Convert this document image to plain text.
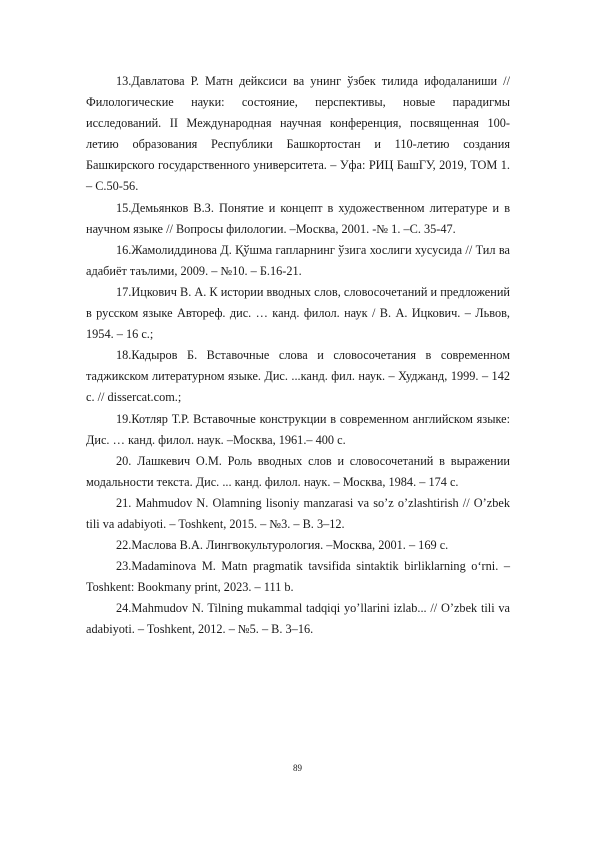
13.Давлатова Р. Матн дейксиси ва унинг ўзбек тилида ифодаланиши // Филологические науки: состояние, перспективы, новые парадигмы исследований. II Международная научная конференция, посвященная 100-летию образования Республики Башкортостан и 110-летию создания Башкирского государственного университета. – Уфа: РИЦ БашГУ, 2019, ТОМ 1. – С.50-56.

15.Демьянков В.З. Понятие и концепт в художественном литературе и в научном языке // Вопросы филологии. –Москва, 2001. -№ 1. –С. 35-47.

16.Жамолиддинова Д. Қўшма гапларнинг ўзига хослиги хусусида // Тил ва адабиёт таълими, 2009. – №10. – Б.16-21.

17.Ицкович В. А. К истории вводных слов, словосочетаний и предложений в русском языке Автореф. дис. … канд. филол. наук / В. А. Ицкович. – Львов, 1954. – 16 с.;

18.Кадыров Б. Вставочные слова и словосочетания в современном таджикском литературном языке. Дис. ...канд. фил. наук. – Худжанд, 1999. – 142 с. // dissercat.com.;

19.Котляр Т.Р. Вставочные конструкции в современном английском языке: Дис. … канд. филол. наук. –Москва, 1961.– 400 с.

20. Лашкевич О.М. Роль вводных слов и словосочетаний в выражении модальности текста. Дис. ... канд. филол. наук. – Москва, 1984. – 174 с.

21. Mahmudov N. Olamning lisoniy manzarasi va so’z o’zlashtirish // O’zbek tili va adabiyoti. – Toshkent, 2015. – №3. – B. 3–12.

22.Маслова В.А. Лингвокультурология. –Москва, 2001. – 169 с.

23.Madaminova M. Matn pragmatik tavsifida sintaktik birliklarning o‘rni. – Toshkent: Bookmany print, 2023. – 111 b.

24.Mahmudov N. Tilning mukammal tadqiqi yo’llarini izlab... // O’zbek tili va adabiyoti. – Toshkent, 2012. – №5. – B. 3–16.

89
